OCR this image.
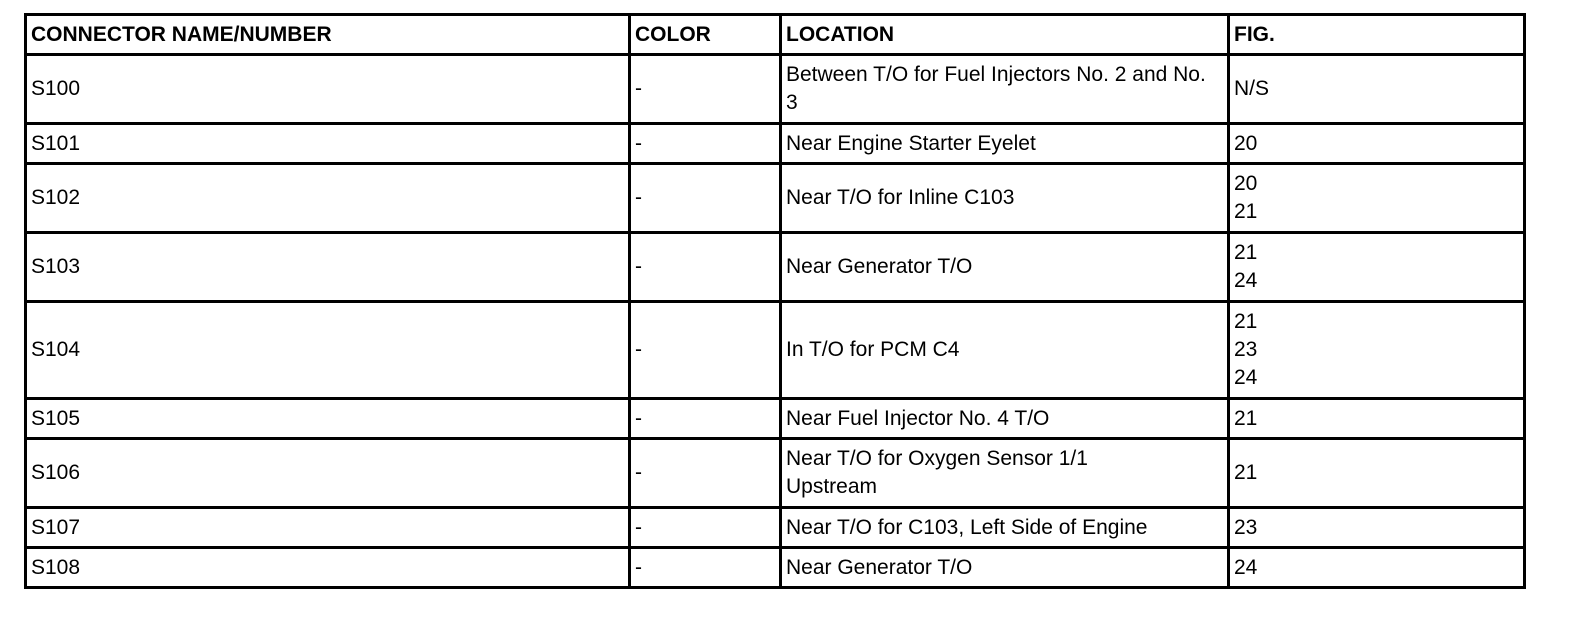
CONNECTOR NAME/NUMBER	COLOR	LOCATION	FIG.
S100	-	Between T/O for Fuel Injectors No. 2 and No. 3	N/S

S101	-	Near Engine Starter Eyelet	20

S102	-	Near T/O for Inline C103	20
21

S103	-	Near Generator T/O	21
24

S104	-	In T/O for PCM C4	21
23
24

S105	-	Near Fuel Injector No. 4 T/O	21

S106	-	Near T/O for Oxygen Sensor 1/1 Upstream	21

S107	-	Near T/O for C103, Left Side of Engine	23

S108	-	Near Generator T/O	24
